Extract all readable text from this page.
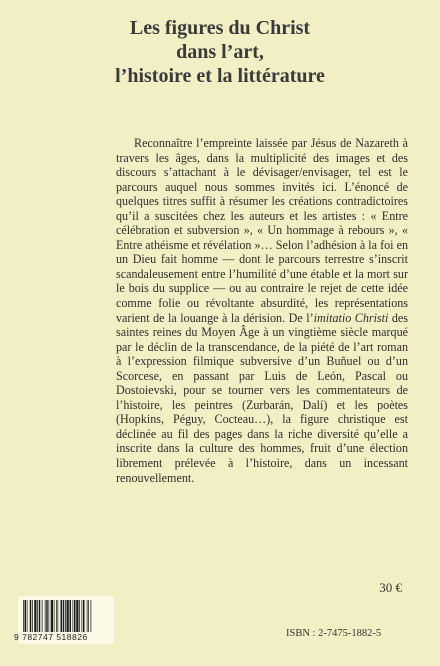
Les figures du Christ
dans l’art,
l’histoire et la littérature

Reconnaître l’empreinte laissée par Jésus de Nazareth à travers les âges, dans la multiplicité des images et des discours s’attachant à le dévisager/envisager, tel est le parcours auquel nous sommes invités ici. L’énoncé de quelques titres suffit à résumer les créations contradictoires qu’il a suscitées chez les auteurs et les artistes : « Entre célébration et subversion », « Un hommage à rebours », « Entre athéisme et révélation »… Selon l’adhésion à la foi en un Dieu fait homme — dont le parcours terrestre s’inscrit scandaleusement entre l’humilité d’une étable et la mort sur le bois du supplice — ou au contraire le rejet de cette idée comme folie ou révoltante absurdité, les représentations varient de la louange à la dérision. De l’imitatio Christi des saintes reines du Moyen Âge à un vingtième siècle marqué par le déclin de la transcendance, de la piété de l’art roman à l’expression filmique subversive d’un Buñuel ou d’un Scorcese, en passant par Luis de León, Pascal ou Dostoievski, pour se tourner vers les commentateurs de l’histoire, les peintres (Zurbarán, Dalí) et les poètes (Hopkins, Péguy, Cocteau…), la figure christique est déclinée au fil des pages dans la riche diversité qu’elle a inscrite dans la culture des hommes, fruit d’une élection librement prélevée à l’histoire, dans un incessant renouvellement.

30 €

9 782747 518826	ISBN : 2-7475-1882-5
